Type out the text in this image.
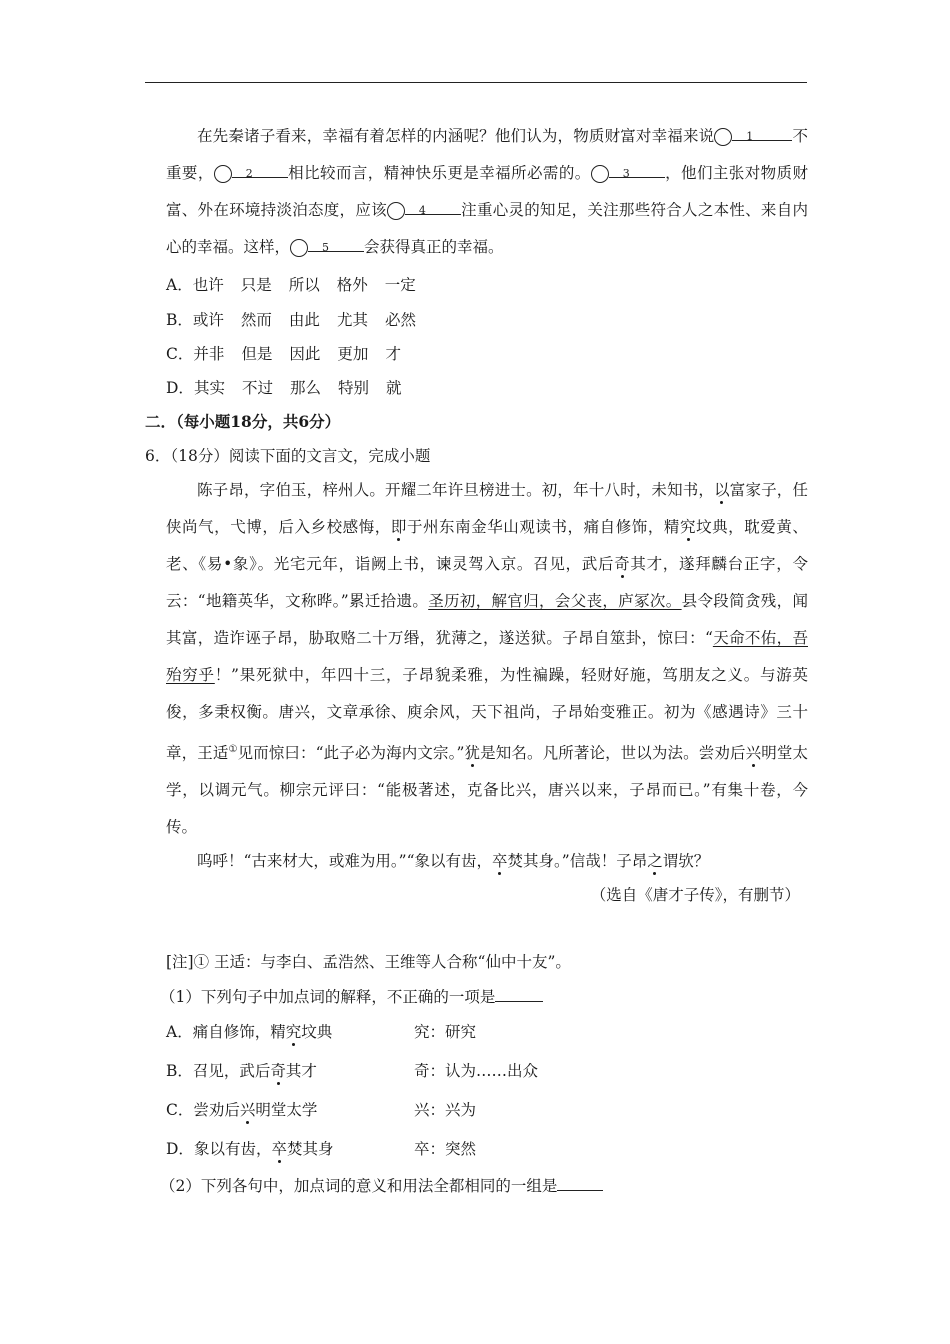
在先秦诸子看来，幸福有着怎样的内涵呢？他们认为，物质财富对幸福来说	1	不重要，	2 相比较而言，精神快乐更是幸福所必需的。	3 ，他们主张对物质财富、外在环境持淡泊态度，应该	4 注重心灵的知足，关注那些符合人之本性、来自内心的幸福。这样，	5 会获得真正的幸福。
A．也许 只是 所以 格外 一定
B．或许 然而 由此 尤其 必然
C．并非 但是 因此 更加 才
D．其实 不过 那么 特别 就
二．（每小题18分，共6分）
6．（18分）阅读下面的文言文，完成小题
陈子昂，字伯玉，梓州人。开耀二年许旦榜进士。初，年十八时，未知书，以富家子，任侠尚气，弋博，后入乡校感悔，即于州东南金华山观读书，痛自修饰，精究坟典，耽爱黄、老、《易•象》。光宅元年，诣阙上书，谏灵驾入京。召见，武后奇其才，遂拜麟台正字，令云：“地籍英华，文称晔。”累迁拾遗。圣历初，解官归，会父丧，庐冢次。县令段简贪残，闻其富，造诈诬子昂，胁取赂二十万缗，犹薄之，遂送狱。子昂自筮卦，惊曰：“天命不佑，吾殆穷乎！”果死狱中，年四十三，子昂貌柔雅，为性褊躁，轻财好施，笃朋友之义。与游英俊，多秉权衡。唐兴，文章承徐、庾余风，天下祖尚，子昂始变雅正。初为《感遇诗》三十章，王适①见而惊曰：“此子必为海内文宗。”犹是知名。凡所著论，世以为法。尝劝后兴明堂太学，以调元气。柳宗元评曰：“能极著述，克备比兴，唐兴以来，子昂而已。”有集十卷，今传。
呜呼！“古来材大，或难为用。”“象以有齿，卒焚其身。”信哉！子昂之谓欤？
（选自《唐才子传》，有删节）
[注]① 王适：与李白、孟浩然、王维等人合称“仙中十友”。
（1）下列句子中加点词的解释，不正确的一项是
A．痛自修饰，精究坟典	究：研究
B．召见，武后奇其才	奇：认为……出众
C．尝劝后兴明堂太学	兴：兴为
D．象以有齿，卒焚其身	卒：突然
（2）下列各句中，加点词的意义和用法全都相同的一组是
